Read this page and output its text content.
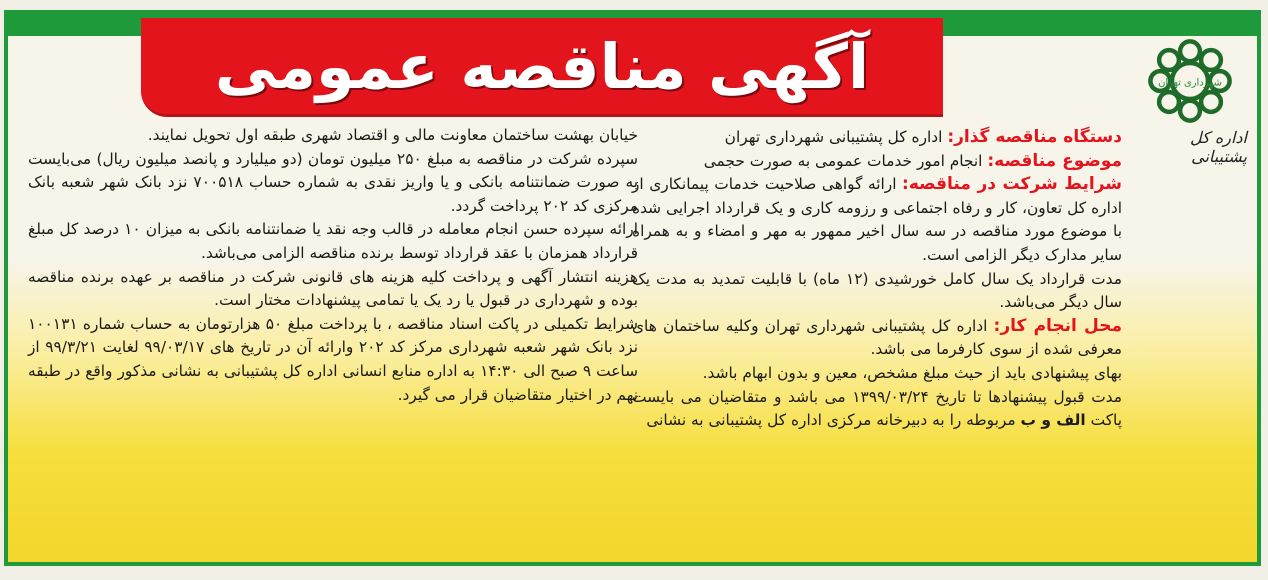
آگهی مناقصه عمومی	شهرداری تهران
اداره کل پشتیبانی

دستگاه مناقصه گذار: اداره کل پشتیبانی شهرداری تهران

موضوع مناقصه: انجام امور خدمات عمومی به صورت حجمی

شرایط شرکت در مناقصه: ارائه گواهی صلاحیت خدمات پیمانکاری از اداره کل تعاون، کار و رفاه اجتماعی و رزومه کاری و یک قرارداد اجرایی شده با موضوع مورد مناقصه در سه سال اخیر ممهور به مهر و امضاء و به همراه سایر مدارک دیگر الزامی است.

مدت قرارداد یک سال کامل خورشیدی (۱۲ ماه) با قابلیت تمدید به مدت یک سال دیگر می‌باشد.

محل انجام کار: اداره کل پشتیبانی شهرداری تهران وکلیه ساختمان های معرفی شده از سوی کارفرما می باشد.

بهای پیشنهادی باید از حیث مبلغ مشخص، معین و بدون ابهام باشد.

مدت قبول پیشنهادها تا تاریخ ۱۳۹۹/۰۳/۲۴ می باشد و متقاضیان می بایست پاکت الف و ب مربوطه را به دبیرخانه مرکزی اداره کل پشتیبانی به نشانی

خیابان بهشت ساختمان معاونت مالی و اقتصاد شهری طبقه اول تحویل نمایند.

سپرده شرکت در مناقصه به مبلغ ۲۵۰ میلیون تومان (دو میلیارد و پانصد میلیون ریال) می‌بایست به صورت ضمانتنامه بانکی و یا واریز نقدی به شماره حساب ۷۰۰۵۱۸ نزد بانک شهر شعبه بانک مرکزی کد ۲۰۲ پرداخت گردد.

ارائه سپرده حسن انجام معامله در قالب وجه نقد یا ضمانتنامه بانکی به میزان ۱۰ درصد کل مبلغ قرارداد همزمان با عقد قرارداد توسط برنده مناقصه الزامی می‌باشد.

هزینه انتشار آگهی و پرداخت کلیه هزینه های قانونی شرکت در مناقصه بر عهده برنده مناقصه بوده و شهرداری در قبول یا رد یک یا تمامی پیشنهادات مختار است.

شرایط تکمیلی در پاکت اسناد مناقصه ، با پرداخت مبلغ ۵۰ هزارتومان به حساب شماره ۱۰۰۱۳۱ نزد بانک شهر شعبه شهرداری مرکز کد ۲۰۲ وارائه آن در تاریخ های ۹۹/۰۳/۱۷ لغایت ۹۹/۳/۲۱ از ساعت ۹ صبح الی ۱۴:۳۰ به اداره منابع انسانی اداره کل پشتیبانی به نشانی مذکور واقع در طبقه نهم در اختیار متقاضیان قرار می گیرد.
